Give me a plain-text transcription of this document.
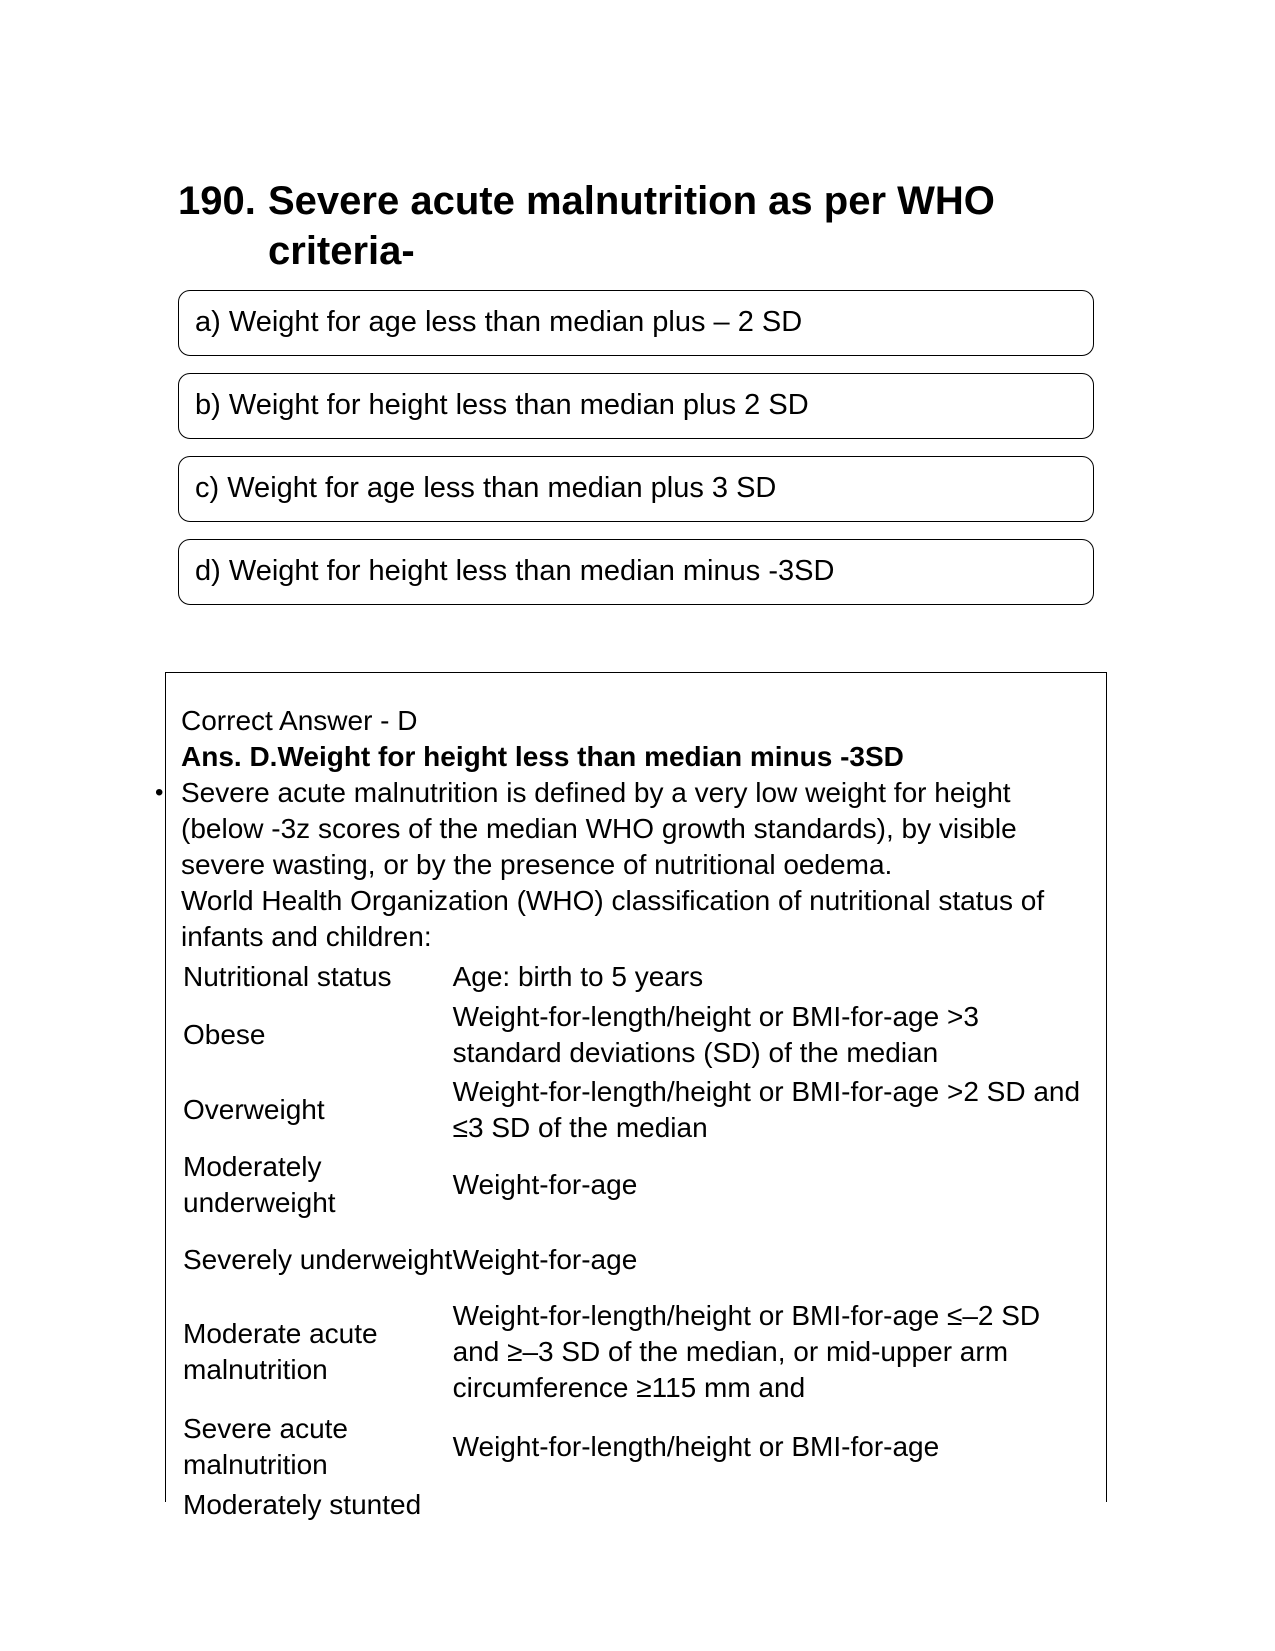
190. Severe acute malnutrition as per WHO criteria-
a) Weight for age less than median plus – 2 SD
b) Weight for height less than median plus 2 SD
c) Weight for age less than median plus 3 SD
d) Weight for height less than median minus -3SD
Correct Answer - D
Ans. D.Weight for height less than median minus -3SD
• Severe acute malnutrition is defined by a very low weight for height (below -3z scores of the median WHO growth standards), by visible severe wasting, or by the presence of nutritional oedema.
World Health Organization (WHO) classification of nutritional status of infants and children:
Nutritional status	Age: birth to 5 years
Obese	Weight-for-length/height or BMI-for-age >3 standard deviations (SD) of the median
Overweight	Weight-for-length/height or BMI-for-age >2 SD and ≤3 SD of the median
Moderately underweight	Weight-for-age
Severely underweight	Weight-for-age
Moderate acute malnutrition	Weight-for-length/height or BMI-for-age ≤–2 SD and ≥–3 SD of the median, or mid-upper arm circumference ≥115 mm and
Severe acute malnutrition	Weight-for-length/height or BMI-for-age
Moderately stunted	
